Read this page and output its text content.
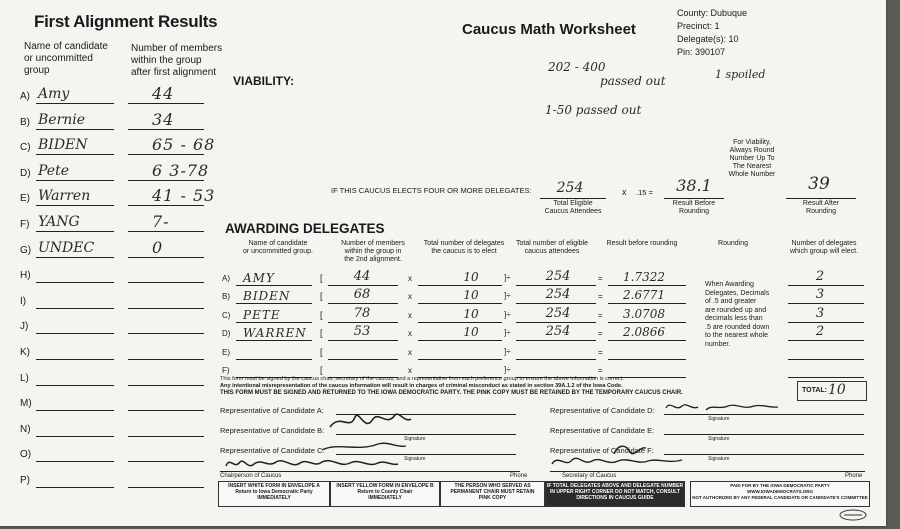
First Alignment Results	Caucus Math Worksheet
County: Dubuque
Precinct: 1
Delegate(s): 10
Pin: 390107
Name of candidate
or uncommitted
group
Number of members
within the group
after first alignment
A) Amy	44
B) Bernie	34
C) BIDEN	65 - 68
D) Pete	6 3-78
E) Warren	41 - 53
F) YANG	7-
G) UNDEC	0
H)
I)
J)
K)
L)
M)
N)
O)
P)
VIABILITY:
202 - 400
passed out	1 spoiled
1-50 passed out
For Viability,
Always Round
Number Up To
The Nearest
Whole Number
IF THIS CAUCUS ELECTS FOUR OR MORE DELEGATES:	254
Total Eligible
Caucus Attendees
x .15 =	38.1
Result Before
Rounding
39
Result After
Rounding
AWARDING DELEGATES
Name of candidate
or uncommitted group.
Number of members
within the group in
the 2nd alignment.
Total number of delegates
the caucus is to elect
Total number of eligible
caucus attendees
Result before rounding	Rounding	Number of delegates
which group will elect.
A) AMY	[	44	x	10	]÷	254	=	1.7322	2
B) BIDEN	[	68	x	10	]÷	254	=	2.6771	3
C) PETE	[	78	x	10	]÷	254	=	3.0708	3
D) WARREN [	53	x	10	]÷	254	=	2.0866	2
E)	[	x	]÷	=
F)	[	x	]÷	=
When Awarding
Delegates, Decimals
of .5 and greater
are rounded up and
decimals less than
.5 are rounded down
to the nearest whole
number.
TOTAL: 10
This form must be signed by the caucus chair, secretary of the caucus, and a representative from each preference group to ensure the above information is correct.
Any intentional misrepresentation of the caucus information will result in charges of criminal misconduct as stated in section 39A.1.2 of the Iowa Code.
THIS FORM MUST BE SIGNED AND RETURNED TO THE IOWA DEMOCRATIC PARTY. THE PINK COPY MUST BE RETAINED BY THE TEMPORARY CAUCUS CHAIR.
Representative of Candidate A:
Representative of Candidate B:
Signature
Representative of Candidate C:
Signature
Chairperson of Caucus	Phone
Representative of Candidate D:
Signature
Representative of Candidate E:
Signature
Representative of Candidate F:
Signature
Secretary of Caucus	Phone
INSERT WHITE FORM IN ENVELOPE A
Return to Iowa Democratic Party
IMMEDIATELY
INSERT YELLOW FORM IN ENVELOPE B
Return to County Chair
IMMEDIATELY
THE PERSON WHO SERVED AS
PERMANENT CHAIR MUST RETAIN
PINK COPY
IF TOTAL DELEGATES ABOVE AND DELEGATE NUMBER
IN UPPER RIGHT CORNER DO NOT MATCH, CONSULT
DIRECTIONS IN CAUCUS GUIDE
PAID FOR BY THE IOWA DEMOCRATIC PARTY
WWW.IOWADEMOCRATS.ORG
NOT AUTHORIZED BY ANY FEDERAL CANDIDATE OR CANDIDATE'S COMMITTEE
